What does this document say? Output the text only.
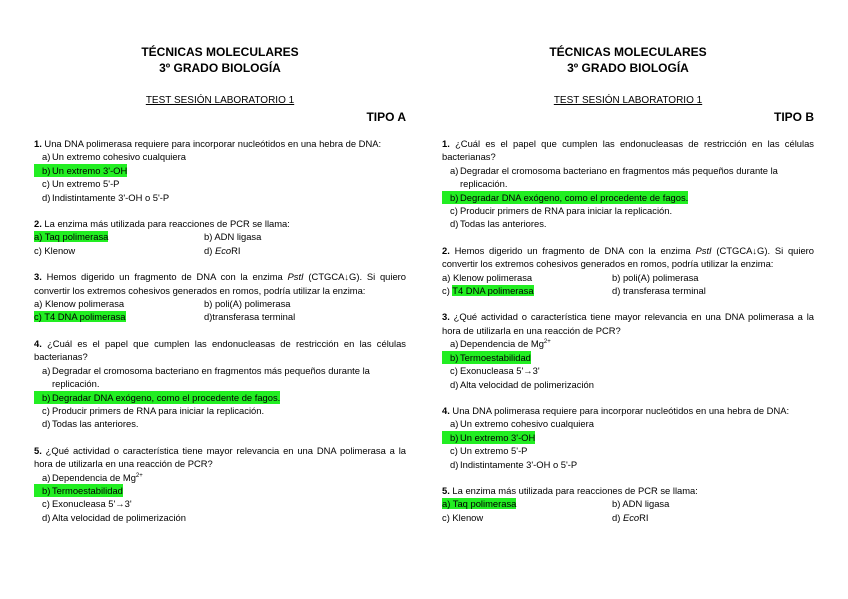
TÉCNICAS MOLECULARES
3º GRADO BIOLOGÍA
TEST SESIÓN LABORATORIO 1
TIPO A
1. Una DNA polimerasa requiere para incorporar nucleótidos en una hebra de DNA:
a) Un extremo cohesivo cualquiera
b) Un extremo 3'-OH
c) Un extremo 5'-P
d) Indistintamente 3'-OH o 5'-P
2. La enzima más utilizada para reacciones de PCR se llama:
a) Taq polimerasa	b) ADN ligasa
c) Klenow	d) EcoRI
3. Hemos digerido un fragmento de DNA con la enzima PstI (CTGCA↓G). Si quiero convertir los extremos cohesivos generados en romos, podría utilizar la enzima:
a) Klenow polimerasa	b) poli(A) polimerasa
c) T4 DNA polimerasa	d)transferasa terminal
4. ¿Cuál es el papel que cumplen las endonucleasas de restricción en las células bacterianas?
a) Degradar el cromosoma bacteriano en fragmentos más pequeños durante la replicación.
b) Degradar DNA exógeno, como el procedente de fagos.
c) Producir primers de RNA para iniciar la replicación.
d) Todas las anteriores.
5. ¿Qué actividad o característica tiene mayor relevancia en una DNA polimerasa a la hora de utilizarla en una reacción de PCR?
a) Dependencia de $Mg^{2+}$
b) Termoestabilidad
c) Exonucleasa 5'→3'
d) Alta velocidad de polimerización
TÉCNICAS MOLECULARES
3º GRADO BIOLOGÍA
TEST SESIÓN LABORATORIO 1
TIPO B
1. ¿Cuál es el papel que cumplen las endonucleasas de restricción en las células bacterianas?
a) Degradar el cromosoma bacteriano en fragmentos más pequeños durante la replicación.
b) Degradar DNA exógeno, como el procedente de fagos.
c) Producir primers de RNA para iniciar la replicación.
d) Todas las anteriores.
2. Hemos digerido un fragmento de DNA con la enzima PstI (CTGCA↓G). Si quiero convertir los extremos cohesivos generados en romos, podría utilizar la enzima:
a) Klenow polimerasa	b) poli(A) polimerasa
c) T4 DNA polimerasa	d) transferasa terminal
3. ¿Qué actividad o característica tiene mayor relevancia en una DNA polimerasa a la hora de utilizarla en una reacción de PCR?
a) Dependencia de $Mg^{2+}$
b) Termoestabilidad
c) Exonucleasa 5'→3'
d) Alta velocidad de polimerización
4. Una DNA polimerasa requiere para incorporar nucleótidos en una hebra de DNA:
a) Un extremo cohesivo cualquiera
b) Un extremo 3'-OH
c) Un extremo 5'-P
d) Indistintamente 3'-OH o 5'-P
5. La enzima más utilizada para reacciones de PCR se llama:
a) Taq polimerasa	b) ADN ligasa
c) Klenow	d) EcoRI
